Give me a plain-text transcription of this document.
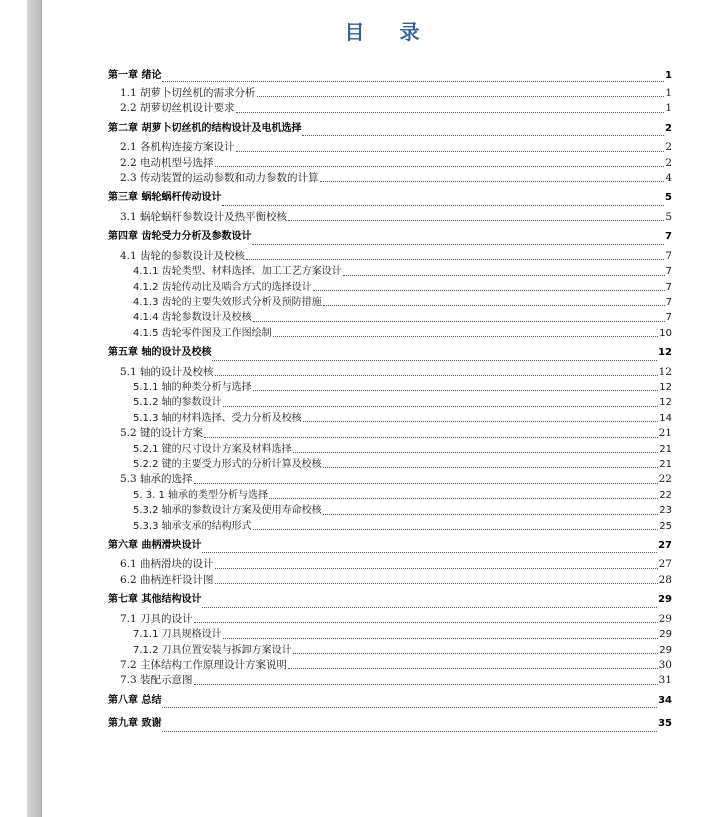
目 录
第一章 绪论	1
1.1 胡萝卜切丝机的需求分析	1
2.2 胡萝切丝机设计要求	1
第二章 胡萝卜切丝机的结构设计及电机选择	2
2.1 各机构连接方案设计	2
2.2 电动机型号选择	2
2.3 传动装置的运动参数和动力参数的计算	4
第三章 蜗轮蜗杆传动设计	5
3.1 蜗轮蜗杆参数设计及热平衡校核	5
第四章 齿轮受力分析及参数设计	7
4.1 齿轮的参数设计及校核	7
4.1.1 齿轮类型、材料选择、加工工艺方案设计	7
4.1.2 齿轮传动比及啮合方式的选择设计	7
4.1.3 齿轮的主要失效形式分析及预防措施	7
4.1.4 齿轮参数设计及校核	7
4.1.5 齿轮零件图及工作图绘制	10
第五章 轴的设计及校核	12
5.1 轴的设计及校核	12
5.1.1 轴的种类分析与选择	12
5.1.2 轴的参数设计	12
5.1.3 轴的材料选择、受力分析及校核	14
5.2 键的设计方案	21
5.2.1 键的尺寸设计方案及材料选择	21
5.2.2 键的主要受力形式的分析计算及校核	21
5.3 轴承的选择	22
5. 3. 1 轴承的类型分析与选择	22
5.3.2 轴承的参数设计方案及使用寿命校核	23
5.3.3 轴承支承的结构形式	25
第六章 曲柄滑块设计	27
6.1 曲柄滑块的设计	27
6.2 曲柄连杆设计图	28
第七章 其他结构设计	29
7.1 刀具的设计	29
7.1.1 刀具规格设计	29
7.1.2 刀具位置安装与拆卸方案设计	29
7.2 主体结构工作原理设计方案说明	30
7.3 装配示意图	31
第八章 总结	34
第九章 致谢	35
